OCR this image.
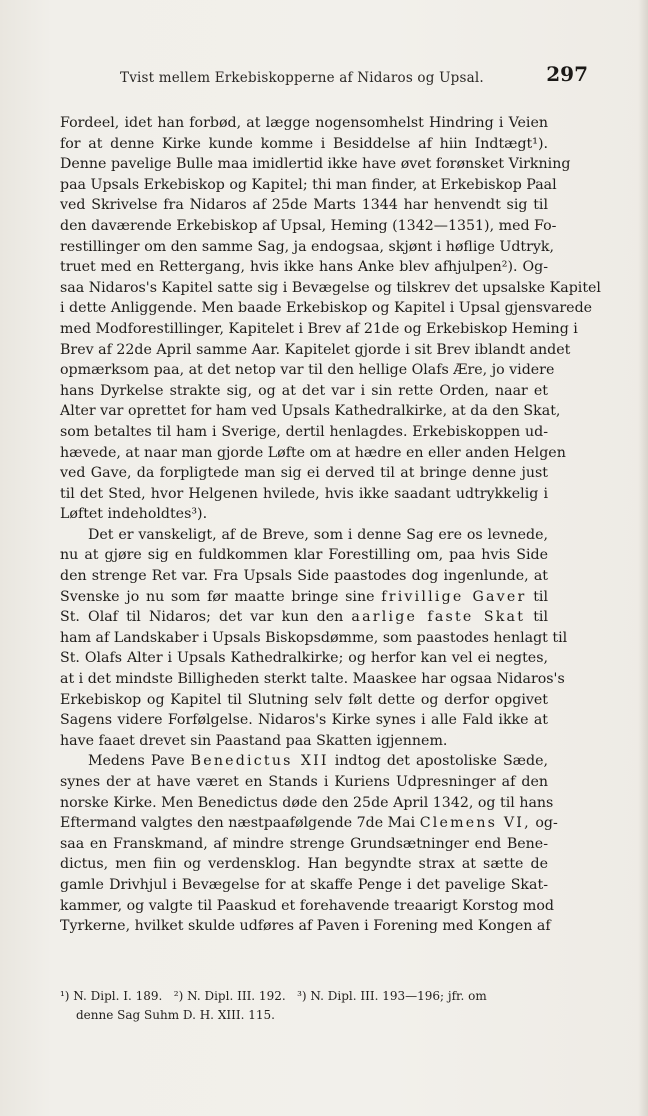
Tvist mellem Erkebiskopperne af Nidaros og Upsal.	297
Fordeel, idet han forbød, at lægge nogensomhelst Hindring i Veien
for at denne Kirke kunde komme i Besiddelse af hiin Indtægt¹).
Denne pavelige Bulle maa imidlertid ikke have øvet forønsket Virkning
paa Upsals Erkebiskop og Kapitel; thi man finder, at Erkebiskop Paal
ved Skrivelse fra Nidaros af 25de Marts 1344 har henvendt sig til
den daværende Erkebiskop af Upsal, Heming (1342—1351), med Fo-
restillinger om den samme Sag, ja endogsaa, skjønt i høflige Udtryk,
truet med en Rettergang, hvis ikke hans Anke blev afhjulpen²). Og-
saa Nidaros's Kapitel satte sig i Bevægelse og tilskrev det upsalske Kapitel
i dette Anliggende. Men baade Erkebiskop og Kapitel i Upsal gjensvarede
med Modforestillinger, Kapitelet i Brev af 21de og Erkebiskop Heming i
Brev af 22de April samme Aar. Kapitelet gjorde i sit Brev iblandt andet
opmærksom paa, at det netop var til den hellige Olafs Ære, jo videre
hans Dyrkelse strakte sig, og at det var i sin rette Orden, naar et
Alter var oprettet for ham ved Upsals Kathedralkirke, at da den Skat,
som betaltes til ham i Sverige, dertil henlagdes. Erkebiskoppen ud-
hævede, at naar man gjorde Løfte om at hædre en eller anden Helgen
ved Gave, da forpligtede man sig ei derved til at bringe denne just
til det Sted, hvor Helgenen hvilede, hvis ikke saadant udtrykkelig i
Løftet indeholdtes³).
Det er vanskeligt, af de Breve, som i denne Sag ere os levnede,
nu at gjøre sig en fuldkommen klar Forestilling om, paa hvis Side
den strenge Ret var. Fra Upsals Side paastodes dog ingenlunde, at
Svenske jo nu som før maatte bringe sine frivillige Gaver til
St. Olaf til Nidaros; det var kun den aarlige faste Skat til
ham af Landskaber i Upsals Biskopsdømme, som paastodes henlagt til
St. Olafs Alter i Upsals Kathedralkirke; og herfor kan vel ei negtes,
at i det mindste Billigheden sterkt talte. Maaskee har ogsaa Nidaros's
Erkebiskop og Kapitel til Slutning selv følt dette og derfor opgivet
Sagens videre Forfølgelse. Nidaros's Kirke synes i alle Fald ikke at
have faaet drevet sin Paastand paa Skatten igjennem.
Medens Pave Benedictus XII indtog det apostoliske Sæde,
synes der at have været en Stands i Kuriens Udpresninger af den
norske Kirke. Men Benedictus døde den 25de April 1342, og til hans
Eftermand valgtes den næstpaafølgende 7de Mai Clemens VI, og-
saa en Franskmand, af mindre strenge Grundsætninger end Bene-
dictus, men fiin og verdensklog. Han begyndte strax at sætte de
gamle Drivhjul i Bevægelse for at skaffe Penge i det pavelige Skat-
kammer, og valgte til Paaskud et forehavende treaarigt Korstog mod
Tyrkerne, hvilket skulde udføres af Paven i Forening med Kongen af
¹) N. Dipl. I. 189.   ²) N. Dipl. III. 192.   ³) N. Dipl. III. 193—196; jfr. om
denne Sag Suhm D. H. XIII. 115.
